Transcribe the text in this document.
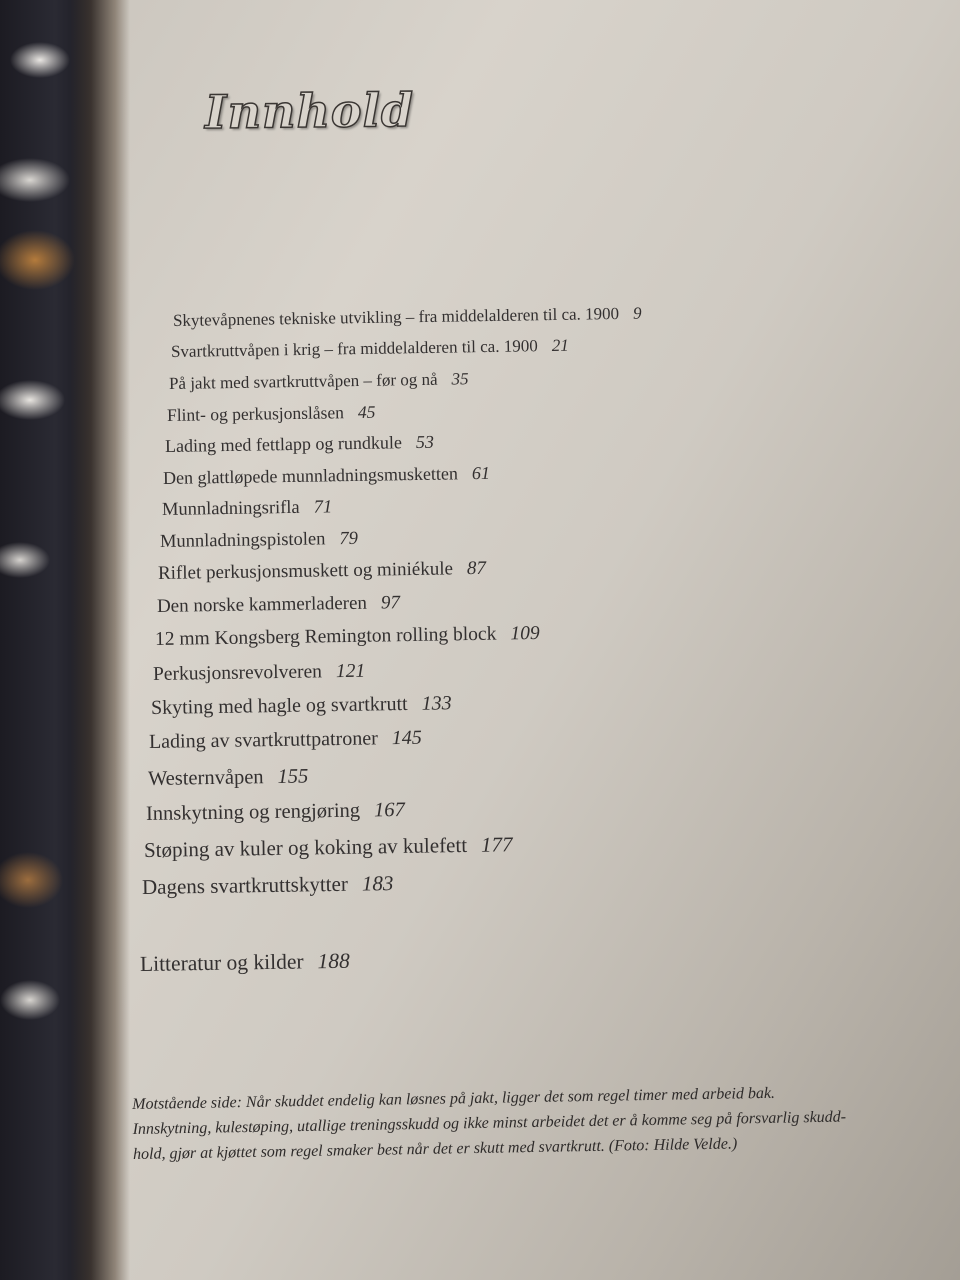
Innhold
Skytevåpnenes tekniske utvikling – fra middelalderen til ca. 1900 9
Svartkruttvåpen i krig – fra middelalderen til ca. 1900 21
På jakt med svartkruttvåpen – før og nå 35
Flint- og perkusjonslåsen 45
Lading med fettlapp og rundkule 53
Den glattløpede munnladningsmusketten 61
Munnladningsrifla 71
Munnladningspistolen 79
Riflet perkusjonsmuskett og miniékule 87
Den norske kammerladeren 97
12 mm Kongsberg Remington rolling block 109
Perkusjonsrevolveren 121
Skyting med hagle og svartkrutt 133
Lading av svartkruttpatroner 145
Westernvåpen 155
Innskytning og rengjøring 167
Støping av kuler og koking av kulefett 177
Dagens svartkruttskytter 183
Litteratur og kilder 188
Motstående side: Når skuddet endelig kan løsnes på jakt, ligger det som regel timer med arbeid bak.
Innskytning, kulestøping, utallige treningsskudd og ikke minst arbeidet det er å komme seg på forsvarlig skudd-
hold, gjør at kjøttet som regel smaker best når det er skutt med svartkrutt. (Foto: Hilde Velde.)
